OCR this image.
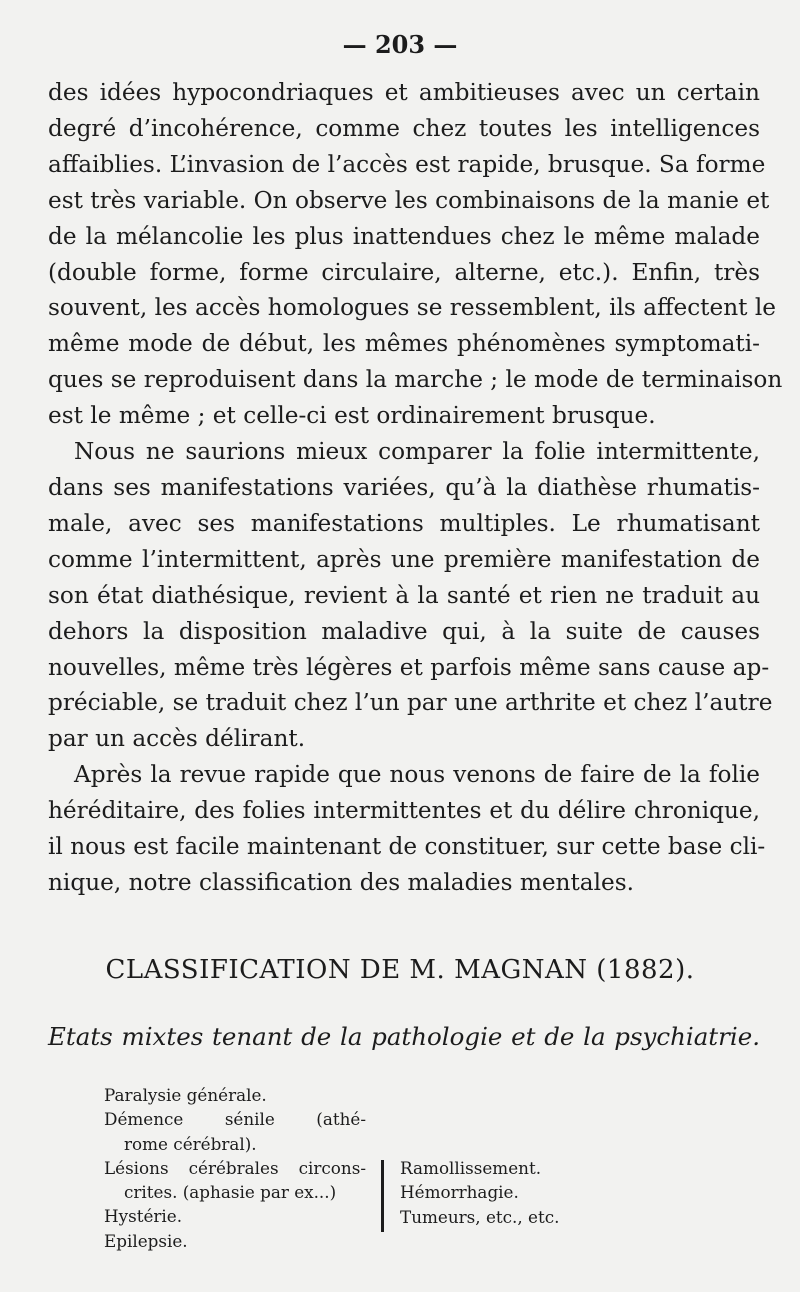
— 203 —
des idées hypocondriaques et ambitieuses avec un certain
degré d’incohérence, comme chez toutes les intelligences
affaiblies. L’invasion de l’accès est rapide, brusque. Sa forme
est très variable. On observe les combinaisons de la manie et
de la mélancolie les plus inattendues chez le même malade
(double forme, forme circulaire, alterne, etc.). Enfin, très
souvent, les accès homologues se ressemblent, ils affectent le
même mode de début, les mêmes phénomènes symptomati-
ques se reproduisent dans la marche ; le mode de terminaison
est le même ; et celle-ci est ordinairement brusque.
Nous ne saurions mieux comparer la folie intermittente,
dans ses manifestations variées, qu’à la diathèse rhumatis-
male, avec ses manifestations multiples. Le rhumatisant
comme l’intermittent, après une première manifestation de
son état diathésique, revient à la santé et rien ne traduit au
dehors la disposition maladive qui, à la suite de causes
nouvelles, même très légères et parfois même sans cause ap-
préciable, se traduit chez l’un par une arthrite et chez l’autre
par un accès délirant.
Après la revue rapide que nous venons de faire de la folie
héréditaire, des folies intermittentes et du délire chronique,
il nous est facile maintenant de constituer, sur cette base cli-
nique, notre classification des maladies mentales.
CLASSIFICATION DE M. MAGNAN (1882).
Etats mixtes tenant de la pathologie et de la psychiatrie.
Paralysie générale.
Démence sénile (athé-
rome cérébral).
Lésions cérébrales circons-
crites. (aphasie par ex...)
Hystérie.
Epilepsie.
Ramollissement.
Hémorrhagie.
Tumeurs, etc., etc.
